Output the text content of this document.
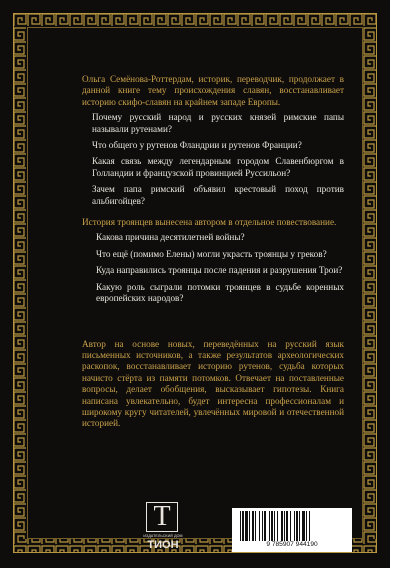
Ольга Семёнова-Роттердам, историк, переводчик, продолжает в данной книге тему происхождения славян, восстанавливает историю скифо-славян на крайнем западе Европы.

Почему русский народ и русских князей римские папы называли рутенами?
Что общего у рутенов Фландрии и рутенов Франции?
Какая связь между легендарным городом Славенбюргом в Голландии и французской провинцией Руссильон?
Зачем папа римский объявил крестовый поход против альбигойцев?

История троянцев вынесена автором в отдельное повествование.

Какова причина десятилетней войны?
Что ещё (помимо Елены) могли украсть троянцы у греков?
Куда направились троянцы после падения и разрушения Трои?
Какую роль сыграли потомки троянцев в судьбе коренных европейских народов?

Автор на основе новых, переведённых на русский язык письменных источников, а также результатов археологических раскопок, восстанавливает историю рутенов, судьба которых начисто стёрта из памяти потомков. Отвечает на поставленные вопросы, делает обобщения, высказывает гипотезы. Книга написана увлекательно, будет интересна профессионалам и широкому кругу читателей, увлечённых мировой и отечественной историей.

Т
ИЗДАТЕЛЬСКИЙ ДОМ
ТИОН	9 785907 944190
